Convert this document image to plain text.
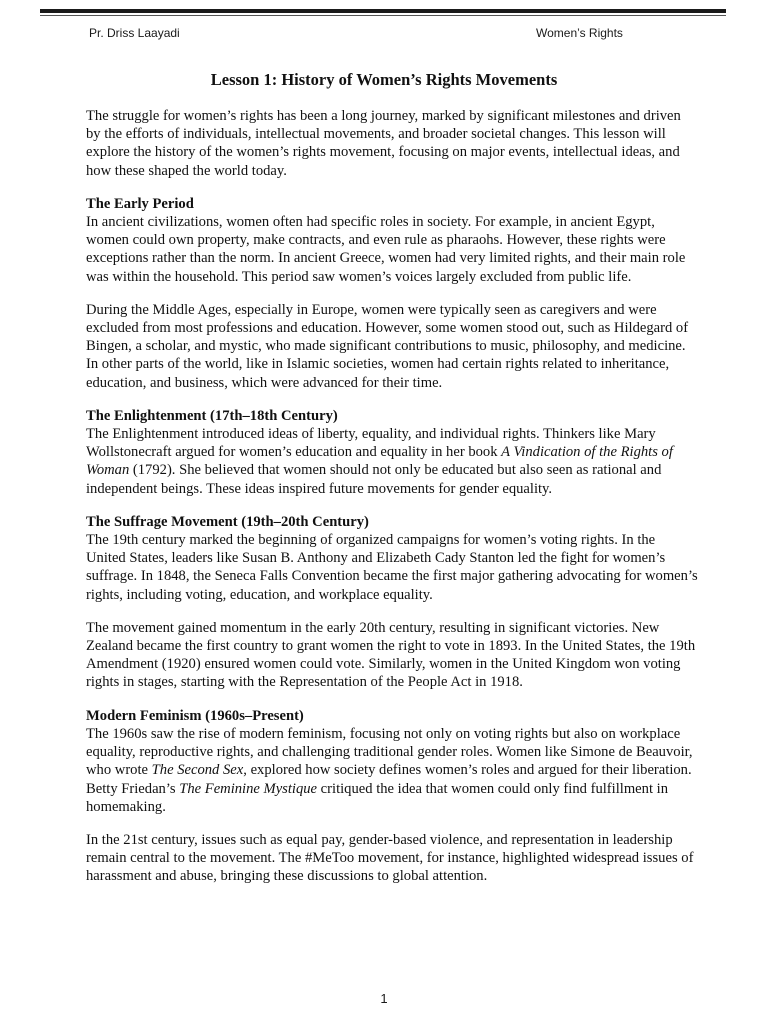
Pr. Driss Laayadi	Women’s Rights
Lesson 1: History of Women’s Rights Movements

The struggle for women’s rights has been a long journey, marked by significant milestones and driven by the efforts of individuals, intellectual movements, and broader societal changes. This lesson will explore the history of the women’s rights movement, focusing on major events, intellectual ideas, and how these shaped the world today.

The Early Period

In ancient civilizations, women often had specific roles in society. For example, in ancient Egypt, women could own property, make contracts, and even rule as pharaohs. However, these rights were exceptions rather than the norm. In ancient Greece, women had very limited rights, and their main role was within the household. This period saw women’s voices largely excluded from public life.

During the Middle Ages, especially in Europe, women were typically seen as caregivers and were excluded from most professions and education. However, some women stood out, such as Hildegard of Bingen, a scholar, and mystic, who made significant contributions to music, philosophy, and medicine. In other parts of the world, like in Islamic societies, women had certain rights related to inheritance, education, and business, which were advanced for their time.

The Enlightenment (17th–18th Century)

The Enlightenment introduced ideas of liberty, equality, and individual rights. Thinkers like Mary Wollstonecraft argued for women’s education and equality in her book A Vindication of the Rights of Woman (1792). She believed that women should not only be educated but also seen as rational and independent beings. These ideas inspired future movements for gender equality.

The Suffrage Movement (19th–20th Century)

The 19th century marked the beginning of organized campaigns for women’s voting rights. In the United States, leaders like Susan B. Anthony and Elizabeth Cady Stanton led the fight for women’s suffrage. In 1848, the Seneca Falls Convention became the first major gathering advocating for women’s rights, including voting, education, and workplace equality.

The movement gained momentum in the early 20th century, resulting in significant victories. New Zealand became the first country to grant women the right to vote in 1893. In the United States, the 19th Amendment (1920) ensured women could vote. Similarly, women in the United Kingdom won voting rights in stages, starting with the Representation of the People Act in 1918.

Modern Feminism (1960s–Present)

The 1960s saw the rise of modern feminism, focusing not only on voting rights but also on workplace equality, reproductive rights, and challenging traditional gender roles. Women like Simone de Beauvoir, who wrote The Second Sex, explored how society defines women’s roles and argued for their liberation. Betty Friedan’s The Feminine Mystique critiqued the idea that women could only find fulfillment in homemaking.

In the 21st century, issues such as equal pay, gender-based violence, and representation in leadership remain central to the movement. The #MeToo movement, for instance, highlighted widespread issues of harassment and abuse, bringing these discussions to global attention.

1
